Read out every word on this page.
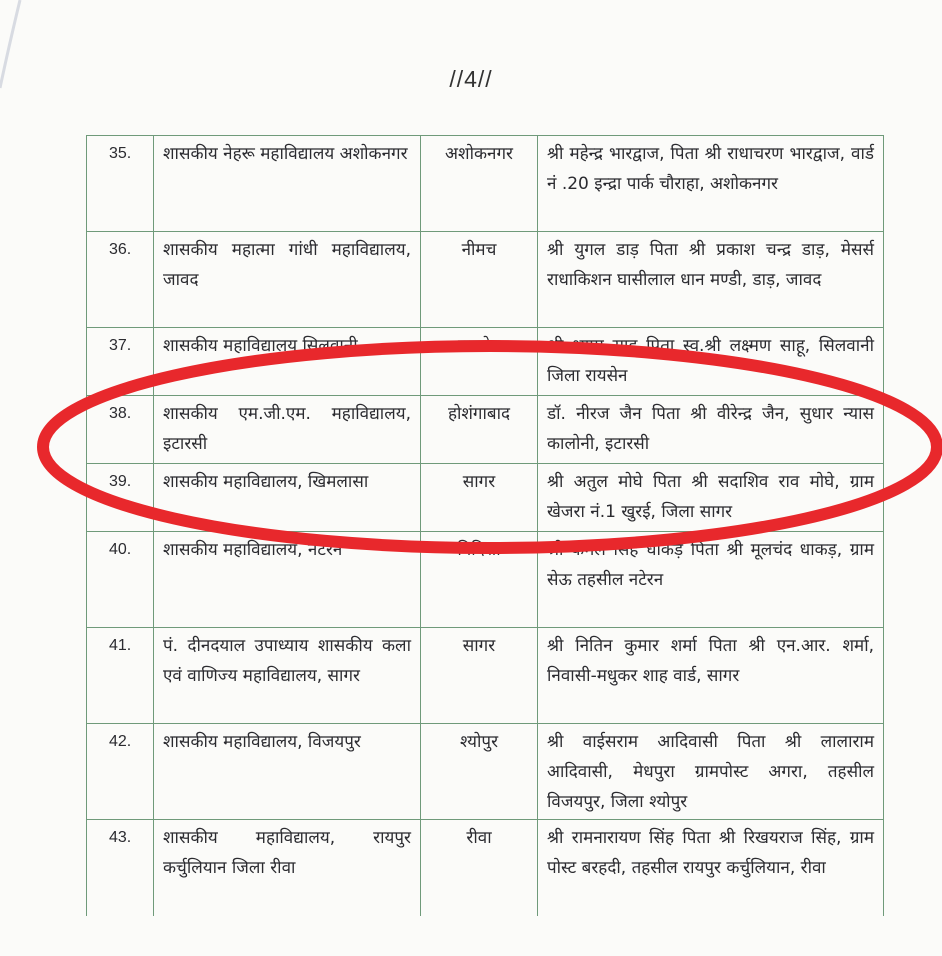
//4//
35.	शासकीय नेहरू महाविद्यालय अशोकनगर	अशोकनगर	श्री महेन्द्र भारद्वाज, पिता श्री राधाचरण भारद्वाज, वार्ड नं .20 इन्द्रा पार्क चौराहा, अशोकनगर
36.	शासकीय महात्मा गांधी महाविद्यालय, जावद	नीमच	श्री युगल डाड़ पिता श्री प्रकाश चन्द्र डाड़, मेसर्स राधाकिशन घासीलाल धान मण्डी, डाड़, जावद
37.	शासकीय महाविद्यालय सिलवानी	रायसेन	श्री श्याम साहू पिता स्व.श्री लक्ष्मण साहू, सिलवानी जिला रायसेन
38.	शासकीय एम.जी.एम. महाविद्यालय, इटारसी	होशंगाबाद	डॉ. नीरज जैन पिता श्री वीरेन्द्र जैन, सुधार न्यास कालोनी, इटारसी
39.	शासकीय महाविद्यालय, खिमलासा	सागर	श्री अतुल मोघे पिता श्री सदाशिव राव मोघे, ग्राम खेजरा नं.1 खुरई, जिला सागर
40.	शासकीय महाविद्यालय, नटेरन	विदिशा	श्री कमल सिंह धाकड़ पिता श्री मूलचंद धाकड़, ग्राम सेऊ तहसील नटेरन
41.	पं. दीनदयाल उपाध्याय शासकीय कला एवं वाणिज्य महाविद्यालय, सागर	सागर	श्री नितिन कुमार शर्मा पिता श्री एन.आर. शर्मा, निवासी-मधुकर शाह वार्ड, सागर
42.	शासकीय महाविद्यालय, विजयपुर	श्योपुर	श्री वाईसराम आदिवासी पिता श्री लालाराम आदिवासी, मेधपुरा ग्रामपोस्ट अगरा, तहसील विजयपुर, जिला श्योपुर
43.	शासकीय महाविद्यालय, रायपुर कर्चुलियान जिला रीवा	रीवा	श्री रामनारायण सिंह पिता श्री रिखयराज सिंह, ग्राम पोस्ट बरहदी, तहसील रायपुर कर्चुलियान, रीवा
